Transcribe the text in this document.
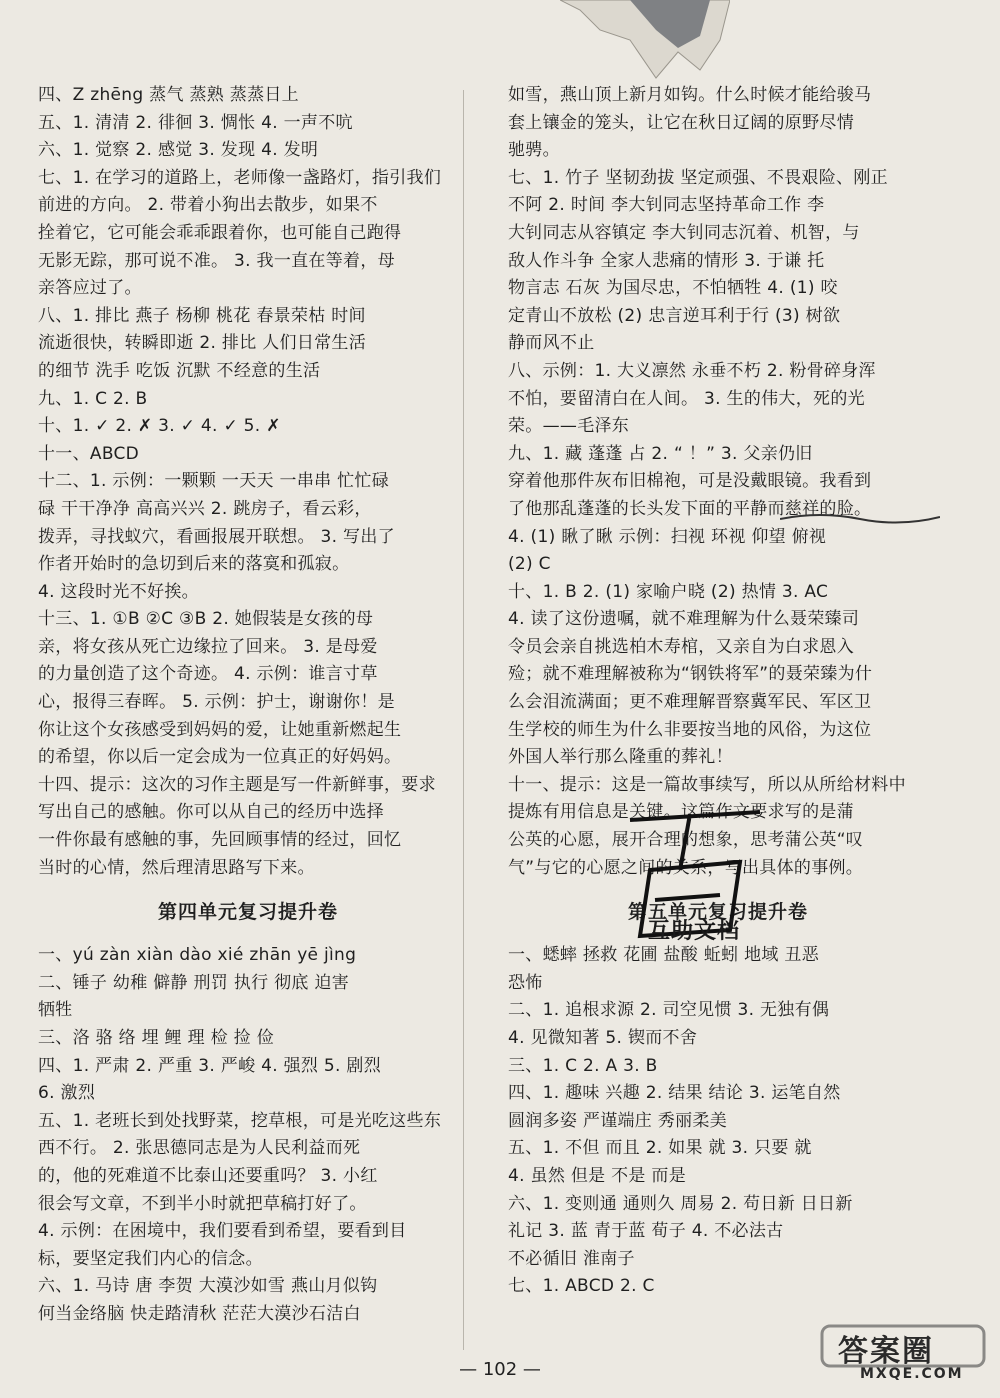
四、Z zhēng 蒸气 蒸熟 蒸蒸日上
五、1. 清清 2. 徘徊 3. 惆怅 4. 一声不吭
六、1. 觉察 2. 感觉 3. 发现 4. 发明
七、1. 在学习的道路上，老师像一盏路灯，指引我们
前进的方向。 2. 带着小狗出去散步，如果不
拴着它，它可能会乖乖跟着你，也可能自己跑得
无影无踪，那可说不准。 3. 我一直在等着，母
亲答应过了。
八、1. 排比 燕子 杨柳 桃花 春景荣枯 时间
流逝很快，转瞬即逝 2. 排比 人们日常生活
的细节 洗手 吃饭 沉默 不经意的生活
九、1. C 2. B
十、1. ✓ 2. ✗ 3. ✓ 4. ✓ 5. ✗
十一、ABCD
十二、1. 示例：一颗颗 一天天 一串串 忙忙碌
碌 干干净净 高高兴兴 2. 跳房子，看云彩，
拨弄，寻找蚁穴，看画报展开联想。 3. 写出了
作者开始时的急切到后来的落寞和孤寂。
4. 这段时光不好挨。
十三、1. ①B ②C ③B 2. 她假装是女孩的母
亲，将女孩从死亡边缘拉了回来。 3. 是母爱
的力量创造了这个奇迹。 4. 示例：谁言寸草
心，报得三春晖。 5. 示例：护士，谢谢你！是
你让这个女孩感受到妈妈的爱，让她重新燃起生
的希望，你以后一定会成为一位真正的好妈妈。
十四、提示：这次的习作主题是写一件新鲜事，要求
写出自己的感触。你可以从自己的经历中选择
一件你最有感触的事，先回顾事情的经过，回忆
当时的心情，然后理清思路写下来。
第四单元复习提升卷
一、yú zàn xiàn dào xié zhān yē jìng
二、锤子 幼稚 僻静 刑罚 执行 彻底 迫害
牺牲
三、洛 骆 络 埋 鲤 理 检 捡 俭
四、1. 严肃 2. 严重 3. 严峻 4. 强烈 5. 剧烈
6. 激烈
五、1. 老班长到处找野菜，挖草根，可是光吃这些东
西不行。 2. 张思德同志是为人民利益而死
的，他的死难道不比泰山还要重吗？ 3. 小红
很会写文章，不到半小时就把草稿打好了。
4. 示例：在困境中，我们要看到希望，要看到目
标，要坚定我们内心的信念。
六、1. 马诗 唐 李贺 大漠沙如雪 燕山月似钩
何当金络脑 快走踏清秋 茫茫大漠沙石洁白
如雪，燕山顶上新月如钩。什么时候才能给骏马
套上镶金的笼头，让它在秋日辽阔的原野尽情
驰骋。
七、1. 竹子 坚韧劲拔 坚定顽强、不畏艰险、刚正
不阿 2. 时间 李大钊同志坚持革命工作 李
大钊同志从容镇定 李大钊同志沉着、机智，与
敌人作斗争 全家人悲痛的情形 3. 于谦 托
物言志 石灰 为国尽忠，不怕牺牲 4. (1) 咬
定青山不放松 (2) 忠言逆耳利于行 (3) 树欲
静而风不止
八、示例：1. 大义凛然 永垂不朽 2. 粉骨碎身浑
不怕，要留清白在人间。 3. 生的伟大，死的光
荣。——毛泽东
九、1. 藏 蓬蓬 占 2. “ ！” 3. 父亲仍旧
穿着他那件灰布旧棉袍，可是没戴眼镜。我看到
了他那乱蓬蓬的长头发下面的平静而慈祥的脸。
4. (1) 瞅了瞅 示例：扫视 环视 仰望 俯视
(2) C
十、1. B 2. (1) 家喻户晓 (2) 热情 3. AC
4. 读了这份遗嘱，就不难理解为什么聂荣臻司
令员会亲自挑选柏木寿棺，又亲自为白求恩入
殓；就不难理解被称为“钢铁将军”的聂荣臻为什
么会泪流满面；更不难理解晋察冀军民、军区卫
生学校的师生为什么非要按当地的风俗，为这位
外国人举行那么隆重的葬礼！
十一、提示：这是一篇故事续写，所以从所给材料中
提炼有用信息是关键。这篇作文要求写的是蒲
公英的心愿，展开合理的想象，思考蒲公英“叹
气”与它的心愿之间的关系，写出具体的事例。
第五单元复习提升卷
一、蟋蟀 拯救 花圃 盐酸 蚯蚓 地域 丑恶
恐怖
二、1. 追根求源 2. 司空见惯 3. 无独有偶
4. 见微知著 5. 锲而不舍
三、1. C 2. A 3. B
四、1. 趣味 兴趣 2. 结果 结论 3. 运笔自然
圆润多姿 严谨端庄 秀丽柔美
五、1. 不但 而且 2. 如果 就 3. 只要 就
4. 虽然 但是 不是 而是
六、1. 变则通 通则久 周易 2. 苟日新 日日新
礼记 3. 蓝 青于蓝 荀子 4. 不必法古
不必循旧 淮南子
七、1. ABCD 2. C
互助文档
— 102 —
答案圈
MXQE.COM
